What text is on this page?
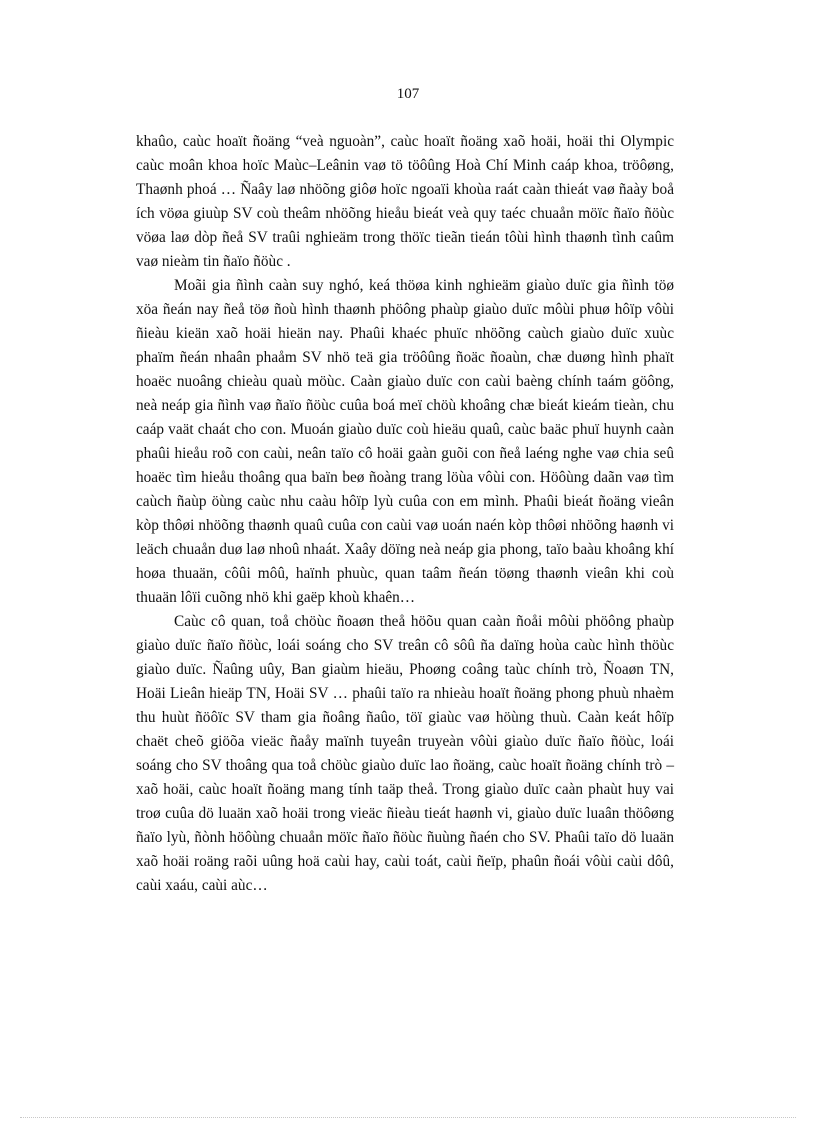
107

khaûo, caùc hoaït ñoäng “veà nguoàn”, caùc hoaït ñoäng xaõ hoäi, hoäi thi Olympic caùc moân khoa hoïc Maùc–Leânin vaø tö töôûng Hoà Chí Minh caáp khoa, tröôøng, Thaønh phoá … Ñaây laø nhöõng giôø hoïc ngoaïi khoùa raát caàn thieát vaø ñaày boå ích vöøa giuùp SV coù theâm nhöõng hieåu bieát veà quy taéc chuaån möïc ñaïo ñöùc vöøa laø dòp ñeå SV traûi nghieäm trong thöïc tieãn tieán tôùi hình thaønh tình caûm vaø nieàm tin ñaïo ñöùc .

Moãi gia ñình caàn suy nghó, keá thöøa kinh nghieäm giaùo duïc gia ñình töø xöa ñeán nay ñeå töø ñoù hình thaønh phöông phaùp giaùo duïc môùi phuø hôïp vôùi ñieàu kieän xaõ hoäi hieän nay. Phaûi khaéc phuïc nhöõng caùch giaùo duïc xuùc phaïm ñeán nhaân phaåm SV nhö teä gia tröôûng ñoäc ñoaùn, chæ duøng hình phaït hoaëc nuoâng chieàu quaù möùc. Caàn giaùo duïc con caùi baèng chính taám göông, neà neáp gia ñình vaø ñaïo ñöùc cuûa boá meï chöù khoâng chæ bieát kieám tieàn, chu caáp vaät chaát cho con. Muoán giaùo duïc coù hieäu quaû, caùc baäc phuï huynh caàn phaûi hieåu roõ con caùi, neân taïo cô hoäi gaàn guõi con ñeå laéng nghe vaø chia seû hoaëc tìm hieåu thoâng qua baïn beø ñoàng trang löùa vôùi con. Höôùng daãn vaø tìm caùch ñaùp öùng caùc nhu caàu hôïp lyù cuûa con em mình. Phaûi bieát ñoäng vieân kòp thôøi nhöõng thaønh quaû cuûa con caùi vaø uoán naén kòp thôøi nhöõng haønh vi leäch chuaån duø laø nhoû nhaát. Xaây döïng neà neáp gia phong, taïo baàu khoâng khí hoøa thuaän, côûi môû, haïnh phuùc, quan taâm ñeán töøng thaønh vieân khi coù thuaän lôïi cuõng nhö khi gaëp khoù khaên…

Caùc cô quan, toå chöùc ñoaøn theå höõu quan caàn ñoåi môùi phöông phaùp giaùo duïc ñaïo ñöùc, loái soáng cho SV treân cô sôû ña daïng hoùa caùc hình thöùc giaùo duïc. Ñaûng uûy, Ban giaùm hieäu, Phoøng coâng taùc chính trò, Ñoaøn TN, Hoäi Lieân hieäp TN, Hoäi SV … phaûi taïo ra nhieàu hoaït ñoäng phong phuù nhaèm thu huùt ñöôïc SV tham gia ñoâng ñaûo, töï giaùc vaø höùng thuù. Caàn keát hôïp chaët cheõ giöõa vieäc ñaåy maïnh tuyeân truyeàn vôùi giaùo duïc ñaïo ñöùc, loái soáng cho SV thoâng qua toå chöùc giaùo duïc lao ñoäng, caùc hoaït ñoäng chính trò – xaõ hoäi, caùc hoaït ñoäng mang tính taäp theå. Trong giaùo duïc caàn phaùt huy vai troø cuûa dö luaän xaõ hoäi trong vieäc ñieàu tieát haønh vi, giaùo duïc luaân thöôøng ñaïo lyù, ñònh höôùng chuaån möïc ñaïo ñöùc ñuùng ñaén cho SV. Phaûi taïo dö luaän xaõ hoäi roäng raõi uûng hoä caùi hay, caùi toát, caùi ñeïp, phaûn ñoái vôùi caùi dôû, caùi xaáu, caùi aùc…
